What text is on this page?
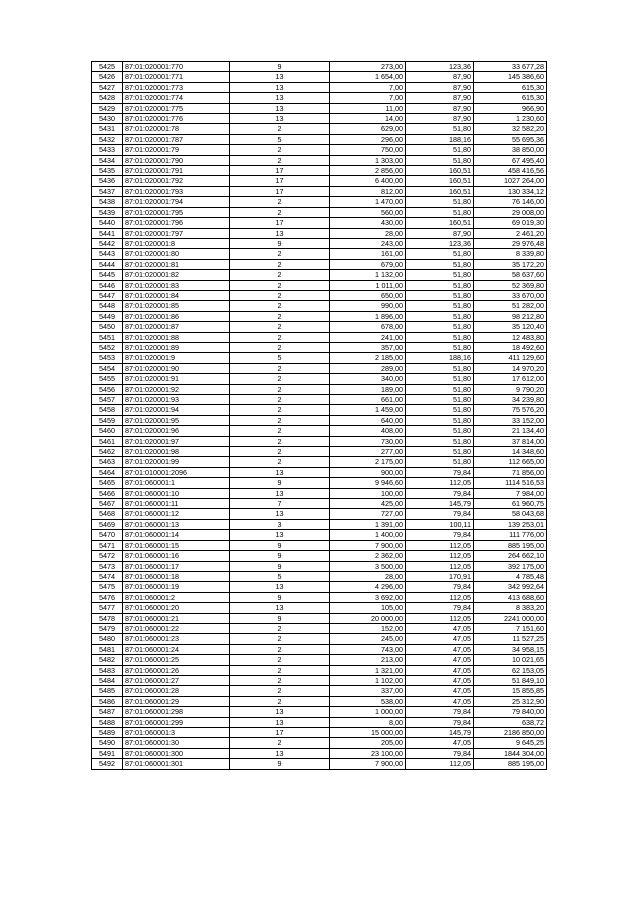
5425	87:01:020001:770	9	273,00	123,36	33 677,28
5426	87:01:020001:771	13	1 654,00	87,90	145 386,60
5427	87:01:020001:773	13	7,00	87,90	615,30
5428	87:01:020001:774	13	7,00	87,90	615,30
5429	87:01:020001:775	13	11,00	87,90	966,90
5430	87:01:020001:776	13	14,00	87,90	1 230,60
5431	87:01:020001:78	2	629,00	51,80	32 582,20
5432	87:01:020001:787	5	296,00	188,16	55 695,36
5433	87:01:020001:79	2	750,00	51,80	38 850,00
5434	87:01:020001:790	2	1 303,00	51,80	67 495,40
5435	87:01:020001:791	17	2 856,00	160,51	458 416,56
5436	87:01:020001:792	17	6 400,00	160,51	1027 264,00
5437	87:01:020001:793	17	812,00	160,51	130 334,12
5438	87:01:020001:794	2	1 470,00	51,80	76 146,00
5439	87:01:020001:795	2	560,00	51,80	29 008,00
5440	87:01:020001:796	17	430,00	160,51	69 019,30
5441	87:01:020001:797	13	28,00	87,90	2 461,20
5442	87:01:020001:8	9	243,00	123,36	29 976,48
5443	87:01:020001:80	2	161,00	51,80	8 339,80
5444	87:01:020001:81	2	679,00	51,80	35 172,20
5445	87:01:020001:82	2	1 132,00	51,80	58 637,60
5446	87:01:020001:83	2	1 011,00	51,80	52 369,80
5447	87:01:020001:84	2	650,00	51,80	33 670,00
5448	87:01:020001:85	2	990,00	51,80	51 282,00
5449	87:01:020001:86	2	1 896,00	51,80	98 212,80
5450	87:01:020001:87	2	678,00	51,80	35 120,40
5451	87:01:020001:88	2	241,00	51,80	12 483,80
5452	87:01:020001:89	2	357,00	51,80	18 492,60
5453	87:01:020001:9	5	2 185,00	188,16	411 129,60
5454	87:01:020001:90	2	289,00	51,80	14 970,20
5455	87:01:020001:91	2	340,00	51,80	17 612,00
5456	87:01:020001:92	2	189,00	51,80	9 790,20
5457	87:01:020001:93	2	661,00	51,80	34 239,80
5458	87:01:020001:94	2	1 459,00	51,80	75 576,20
5459	87:01:020001:95	2	640,00	51,80	33 152,00
5460	87:01:020001:96	2	408,00	51,80	21 134,40
5461	87:01:020001:97	2	730,00	51,80	37 814,00
5462	87:01:020001:98	2	277,00	51,80	14 348,60
5463	87:01:020001:99	2	2 175,00	51,80	112 665,00
5464	87:01:010001:2096	13	900,00	79,84	71 856,00
5465	87:01:060001:1	9	9 946,60	112,05	1114 516,53
5466	87:01:060001:10	13	100,00	79,84	7 984,00
5467	87:01:060001:11	7	425,00	145,79	61 960,75
5468	87:01:060001:12	13	727,00	79,84	58 043,68
5469	87:01:060001:13	3	1 391,00	100,11	139 253,01
5470	87:01:060001:14	13	1 400,00	79,84	111 776,00
5471	87:01:060001:15	9	7 900,00	112,05	885 195,00
5472	87:01:060001:16	9	2 362,00	112,05	264 662,10
5473	87:01:060001:17	9	3 500,00	112,05	392 175,00
5474	87:01:060001:18	5	28,00	170,91	4 785,48
5475	87:01:060001:19	13	4 296,00	79,84	342 992,64
5476	87:01:060001:2	9	3 692,00	112,05	413 688,60
5477	87:01:060001:20	13	105,00	79,84	8 383,20
5478	87:01:060001:21	9	20 000,00	112,05	2241 000,00
5479	87:01:060001:22	2	152,00	47,05	7 151,60
5480	87:01:060001:23	2	245,00	47,05	11 527,25
5481	87:01:060001:24	2	743,00	47,05	34 958,15
5482	87:01:060001:25	2	213,00	47,05	10 021,65
5483	87:01:060001:26	2	1 321,00	47,05	62 153,05
5484	87:01:060001:27	2	1 102,00	47,05	51 849,10
5485	87:01:060001:28	2	337,00	47,05	15 855,85
5486	87:01:060001:29	2	538,00	47,05	25 312,90
5487	87:01:060001:298	13	1 000,00	79,84	79 840,00
5488	87:01:060001:299	13	8,00	79,84	638,72
5489	87:01:060001:3	17	15 000,00	145,79	2186 850,00
5490	87:01:060001:30	2	205,00	47,05	9 645,25
5491	87:01:060001:300	13	23 100,00	79,84	1844 304,00
5492	87:01:060001:301	9	7 900,00	112,05	885 195,00
